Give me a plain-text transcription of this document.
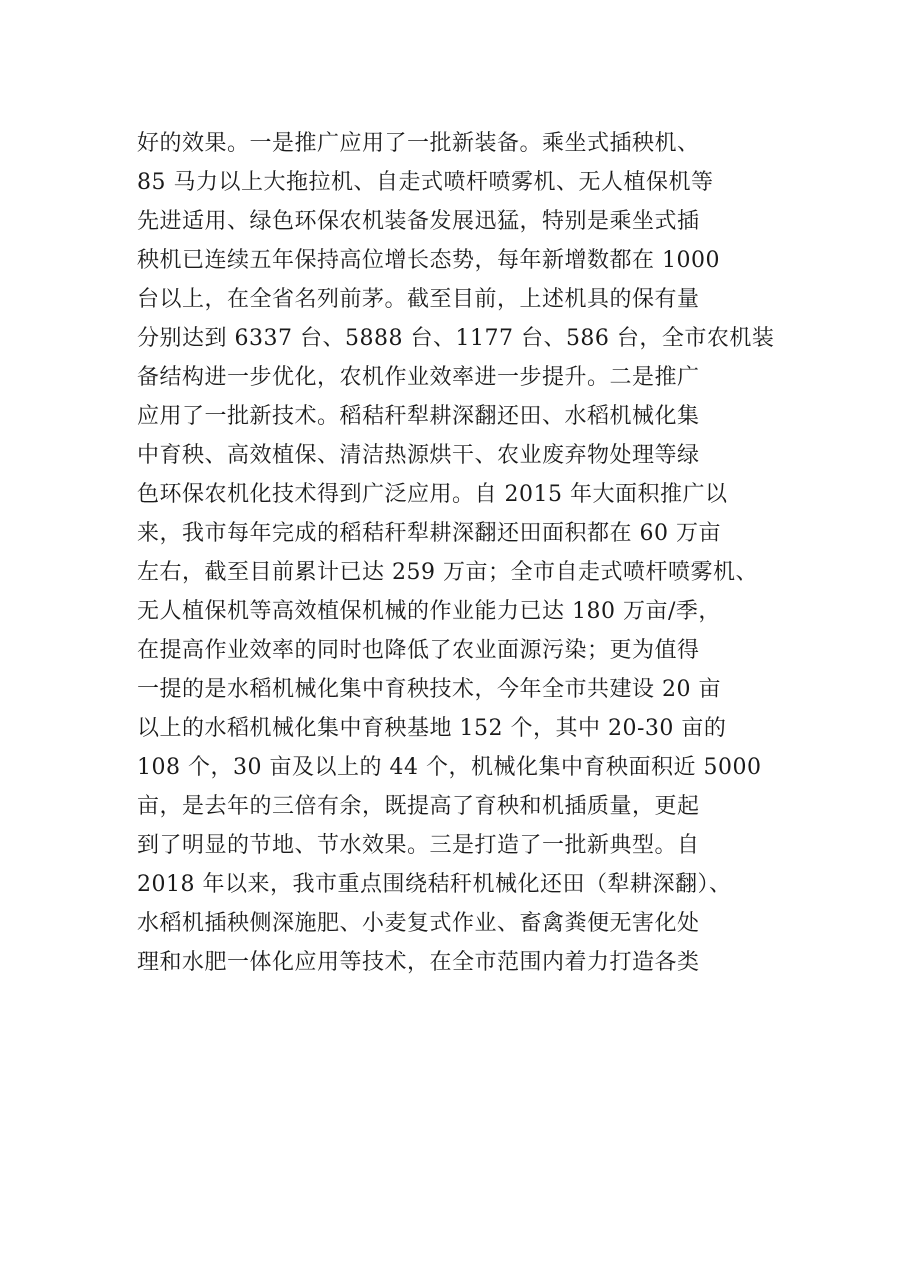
好的效果。一是推广应用了一批新装备。乘坐式插秧机、
85 马力以上大拖拉机、自走式喷杆喷雾机、无人植保机等
先进适用、绿色环保农机装备发展迅猛，特别是乘坐式插
秧机已连续五年保持高位增长态势，每年新增数都在 1000
台以上，在全省名列前茅。截至目前，上述机具的保有量
分别达到 6337 台、5888 台、1177 台、586 台，全市农机装
备结构进一步优化，农机作业效率进一步提升。二是推广
应用了一批新技术。稻秸秆犁耕深翻还田、水稻机械化集
中育秧、高效植保、清洁热源烘干、农业废弃物处理等绿
色环保农机化技术得到广泛应用。自 2015 年大面积推广以
来，我市每年完成的稻秸秆犁耕深翻还田面积都在 60 万亩
左右，截至目前累计已达 259 万亩；全市自走式喷杆喷雾机、
无人植保机等高效植保机械的作业能力已达 180 万亩/季，
在提高作业效率的同时也降低了农业面源污染；更为值得
一提的是水稻机械化集中育秧技术，今年全市共建设 20 亩
以上的水稻机械化集中育秧基地 152 个，其中 20-30 亩的
108 个，30 亩及以上的 44 个，机械化集中育秧面积近 5000
亩，是去年的三倍有余，既提高了育秧和机插质量，更起
到了明显的节地、节水效果。三是打造了一批新典型。自
2018 年以来，我市重点围绕秸秆机械化还田（犁耕深翻）、
水稻机插秧侧深施肥、小麦复式作业、畜禽粪便无害化处
理和水肥一体化应用等技术，在全市范围内着力打造各类
